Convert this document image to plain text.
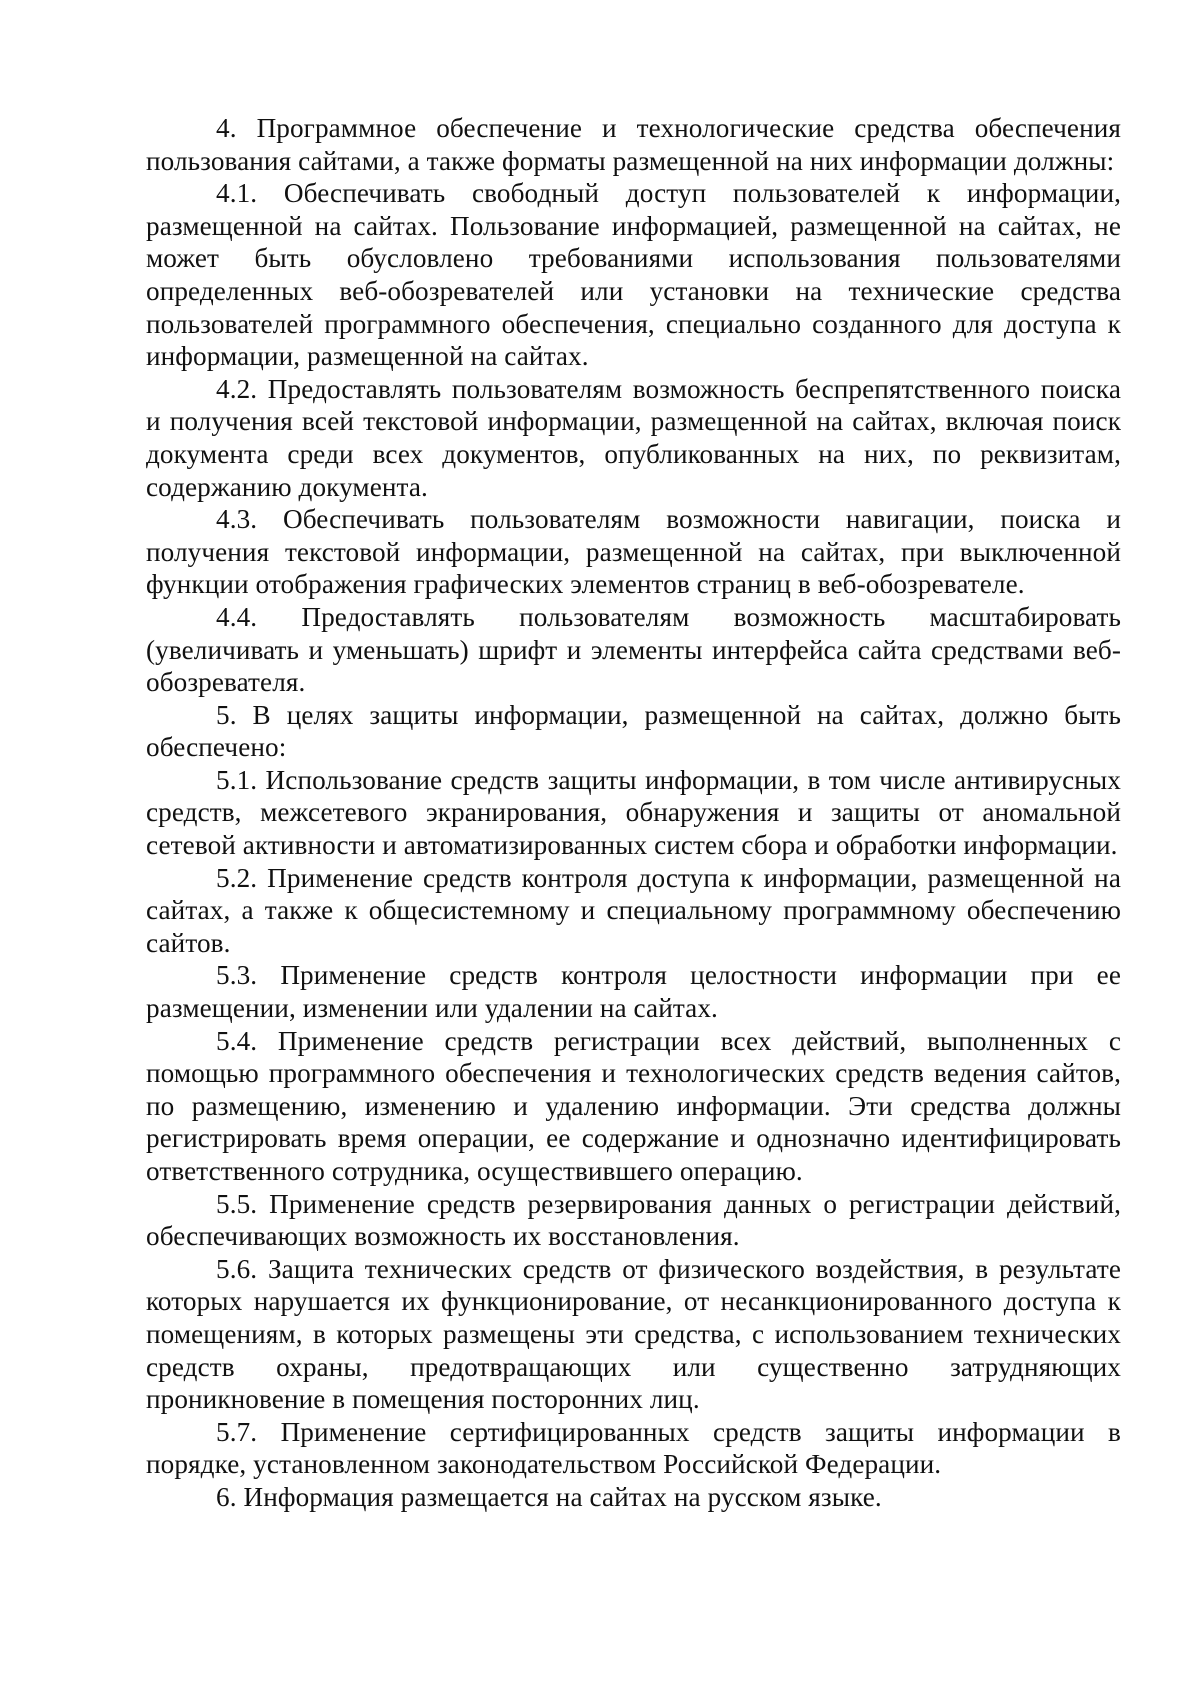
4. Программное обеспечение и технологические средства обеспечения пользования сайтами, а также форматы размещенной на них информации должны:

4.1. Обеспечивать свободный доступ пользователей к информации, размещенной на сайтах. Пользование информацией, размещенной на сайтах, не может быть обусловлено требованиями использования пользователями определенных веб-обозревателей или установки на технические средства пользователей программного обеспечения, специально созданного для доступа к информации, размещенной на сайтах.

4.2. Предоставлять пользователям возможность беспрепятственного поиска и получения всей текстовой информации, размещенной на сайтах, включая поиск документа среди всех документов, опубликованных на них, по реквизитам, содержанию документа.

4.3. Обеспечивать пользователям возможности навигации, поиска и получения текстовой информации, размещенной на сайтах, при выключенной функции отображения графических элементов страниц в веб-обозревателе.

4.4. Предоставлять пользователям возможность масштабировать (увеличивать и уменьшать) шрифт и элементы интерфейса сайта средствами веб-обозревателя.

5. В целях защиты информации, размещенной на сайтах, должно быть обеспечено:

5.1. Использование средств защиты информации, в том числе антивирусных средств, межсетевого экранирования, обнаружения и защиты от аномальной сетевой активности и автоматизированных систем сбора и обработки информации.

5.2. Применение средств контроля доступа к информации, размещенной на сайтах, а также к общесистемному и специальному программному обеспечению сайтов.

5.3. Применение средств контроля целостности информации при ее размещении, изменении или удалении на сайтах.

5.4. Применение средств регистрации всех действий, выполненных с помощью программного обеспечения и технологических средств ведения сайтов, по размещению, изменению и удалению информации. Эти средства должны регистрировать время операции, ее содержание и однозначно идентифицировать ответственного сотрудника, осуществившего операцию.

5.5. Применение средств резервирования данных о регистрации действий, обеспечивающих возможность их восстановления.

5.6. Защита технических средств от физического воздействия, в результате которых нарушается их функционирование, от несанкционированного доступа к помещениям, в которых размещены эти средства, с использованием технических средств охраны, предотвращающих или существенно затрудняющих проникновение в помещения посторонних лиц.

5.7. Применение сертифицированных средств защиты информации в порядке, установленном законодательством Российской Федерации.

6. Информация размещается на сайтах на русском языке.
